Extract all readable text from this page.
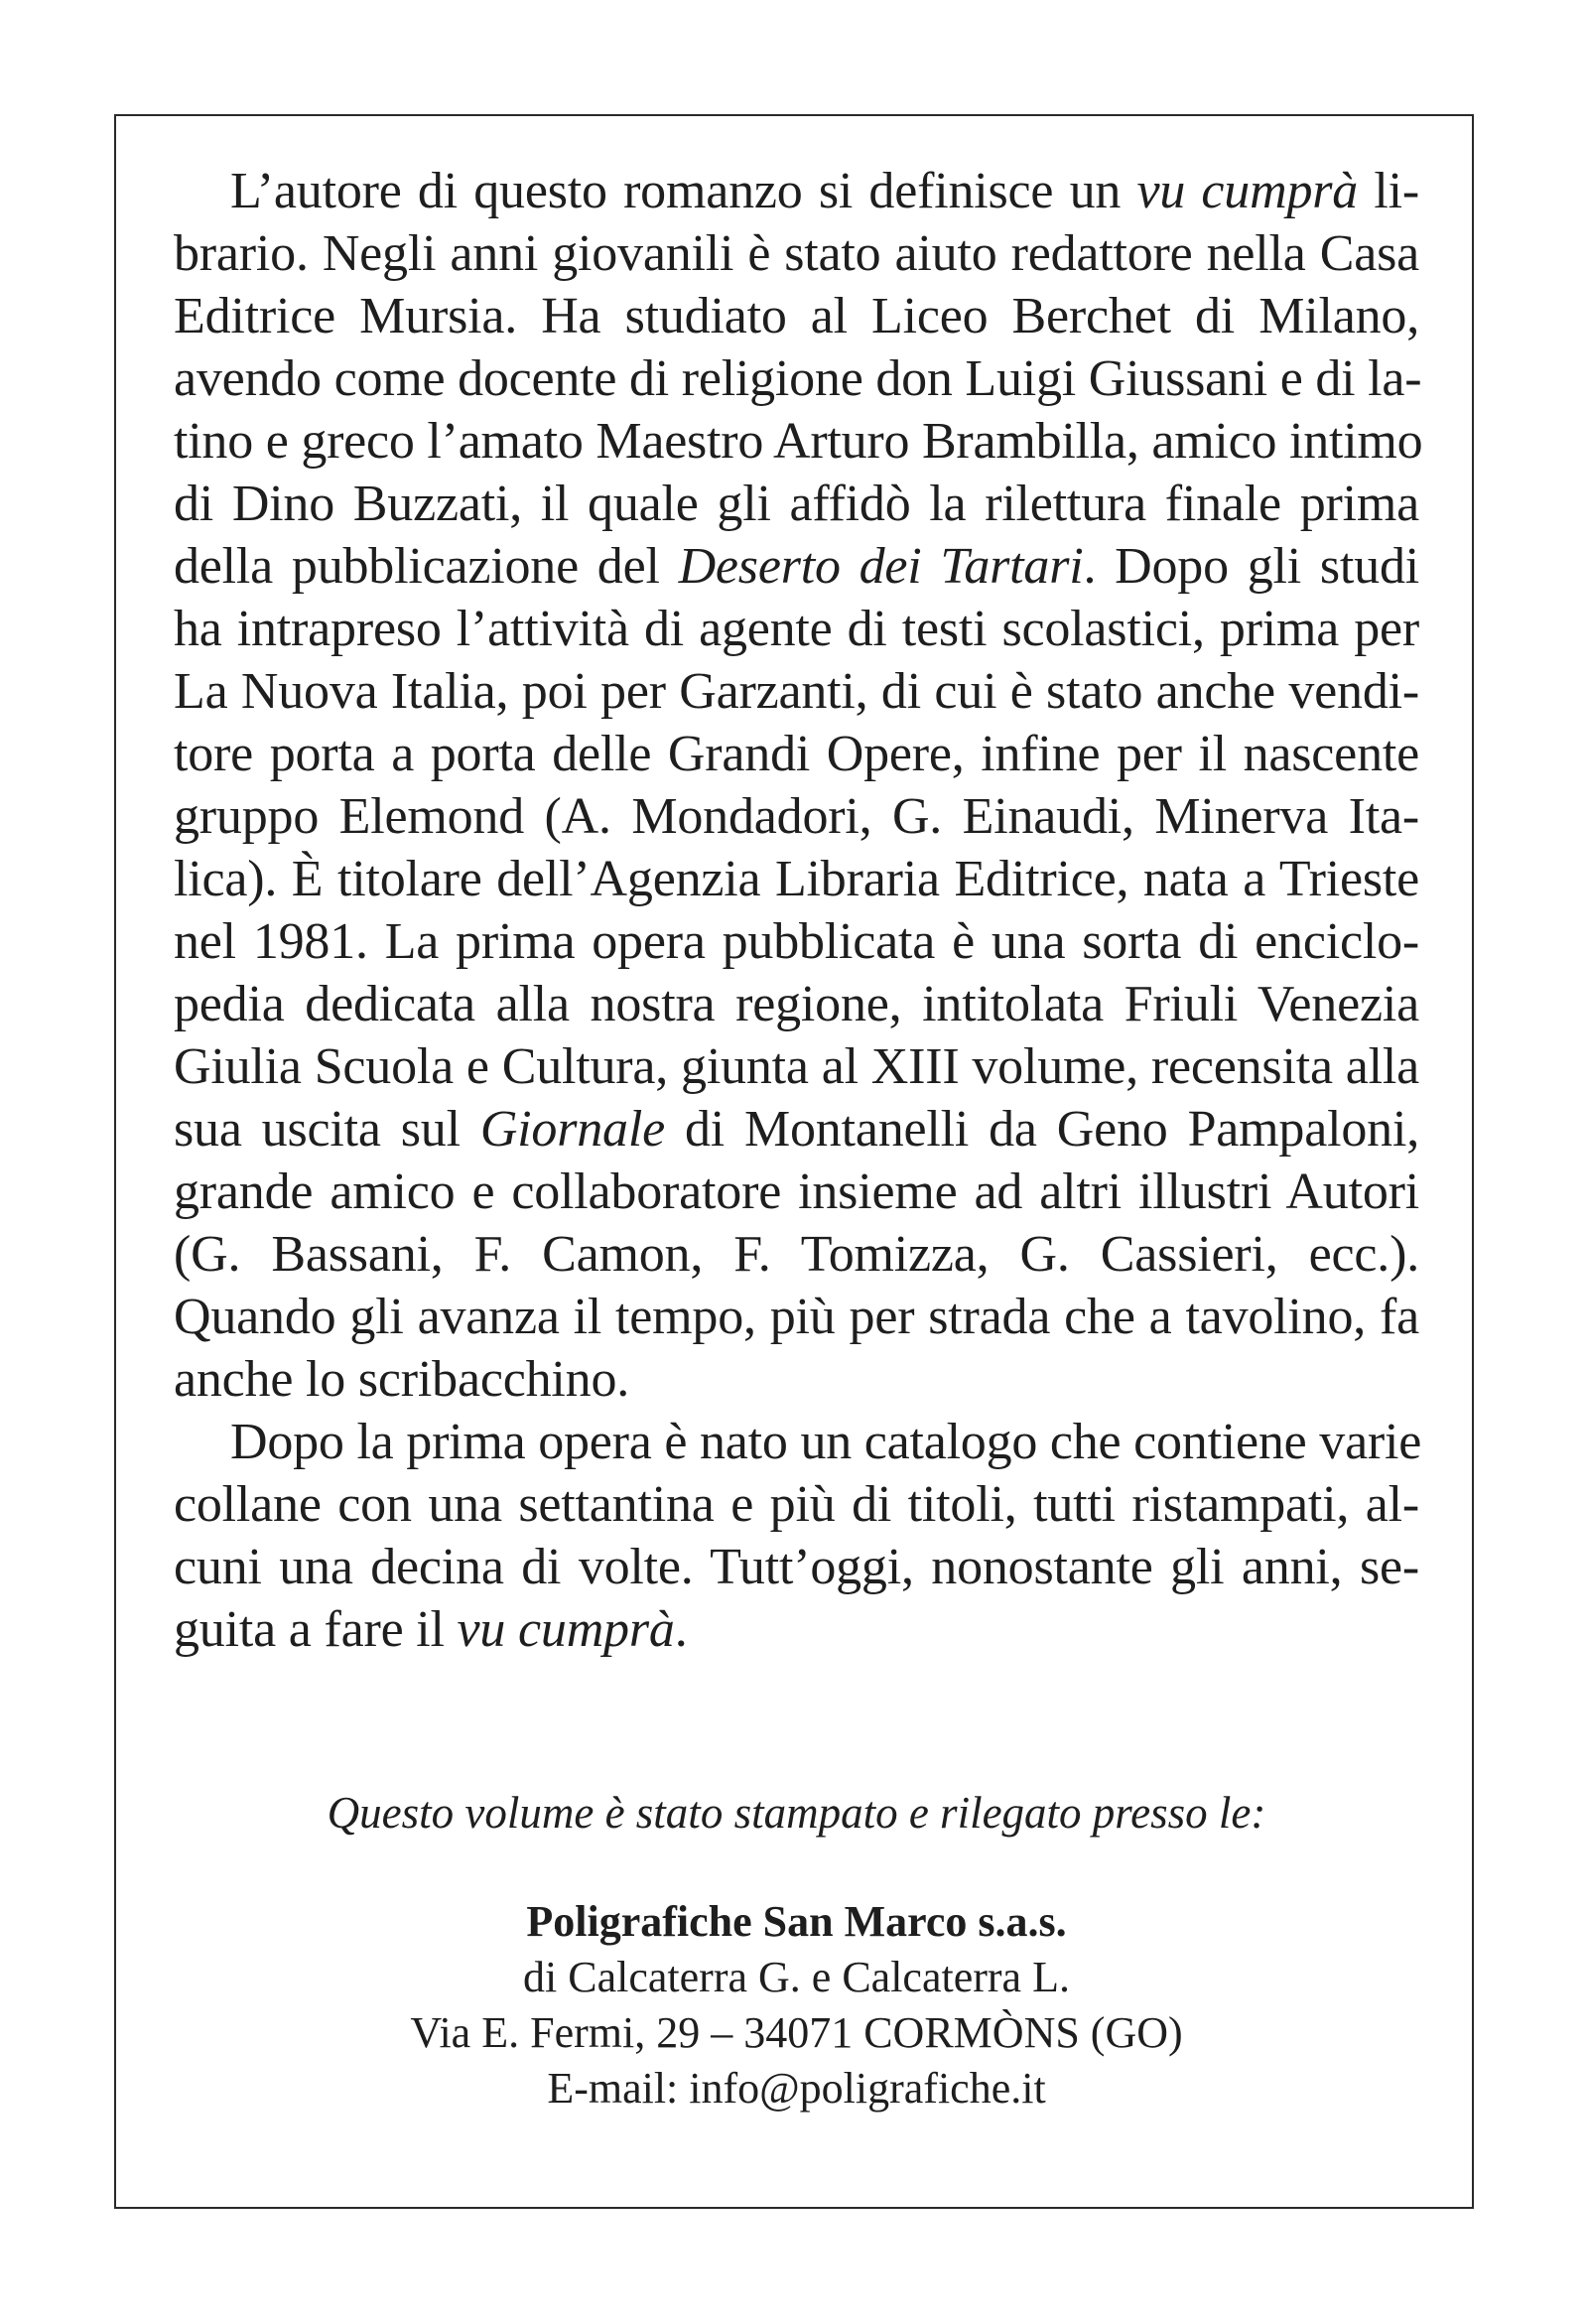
L’autore di questo romanzo si definisce un vu cumprà li-
brario. Negli anni giovanili è stato aiuto redattore nella Casa
Editrice Mursia. Ha studiato al Liceo Berchet di Milano,
avendo come docente di religione don Luigi Giussani e di la-
tino e greco l’amato Maestro Arturo Brambilla, amico intimo
di Dino Buzzati, il quale gli affidò la rilettura finale prima
della pubblicazione del Deserto dei Tartari. Dopo gli studi
ha intrapreso l’attività di agente di testi scolastici, prima per
La Nuova Italia, poi per Garzanti, di cui è stato anche vendi-
tore porta a porta delle Grandi Opere, infine per il nascente
gruppo Elemond (A. Mondadori, G. Einaudi, Minerva Ita-
lica). È titolare dell’Agenzia Libraria Editrice, nata a Trieste
nel 1981. La prima opera pubblicata è una sorta di enciclo-
pedia dedicata alla nostra regione, intitolata Friuli Venezia
Giulia Scuola e Cultura, giunta al XIII volume, recensita alla
sua uscita sul Giornale di Montanelli da Geno Pampaloni,
grande amico e collaboratore insieme ad altri illustri Autori
(G. Bassani, F. Camon, F. Tomizza, G. Cassieri, ecc.).
Quando gli avanza il tempo, più per strada che a tavolino, fa
anche lo scribacchino.
Dopo la prima opera è nato un catalogo che contiene varie
collane con una settantina e più di titoli, tutti ristampati, al-
cuni una decina di volte. Tutt’oggi, nonostante gli anni, se-
guita a fare il vu cumprà.
Questo volume è stato stampato e rilegato presso le:
Poligrafiche San Marco s.a.s.
di Calcaterra G. e Calcaterra L.
Via E. Fermi, 29 – 34071 CORMÒNS (GO)
E-mail: info@poligrafiche.it
